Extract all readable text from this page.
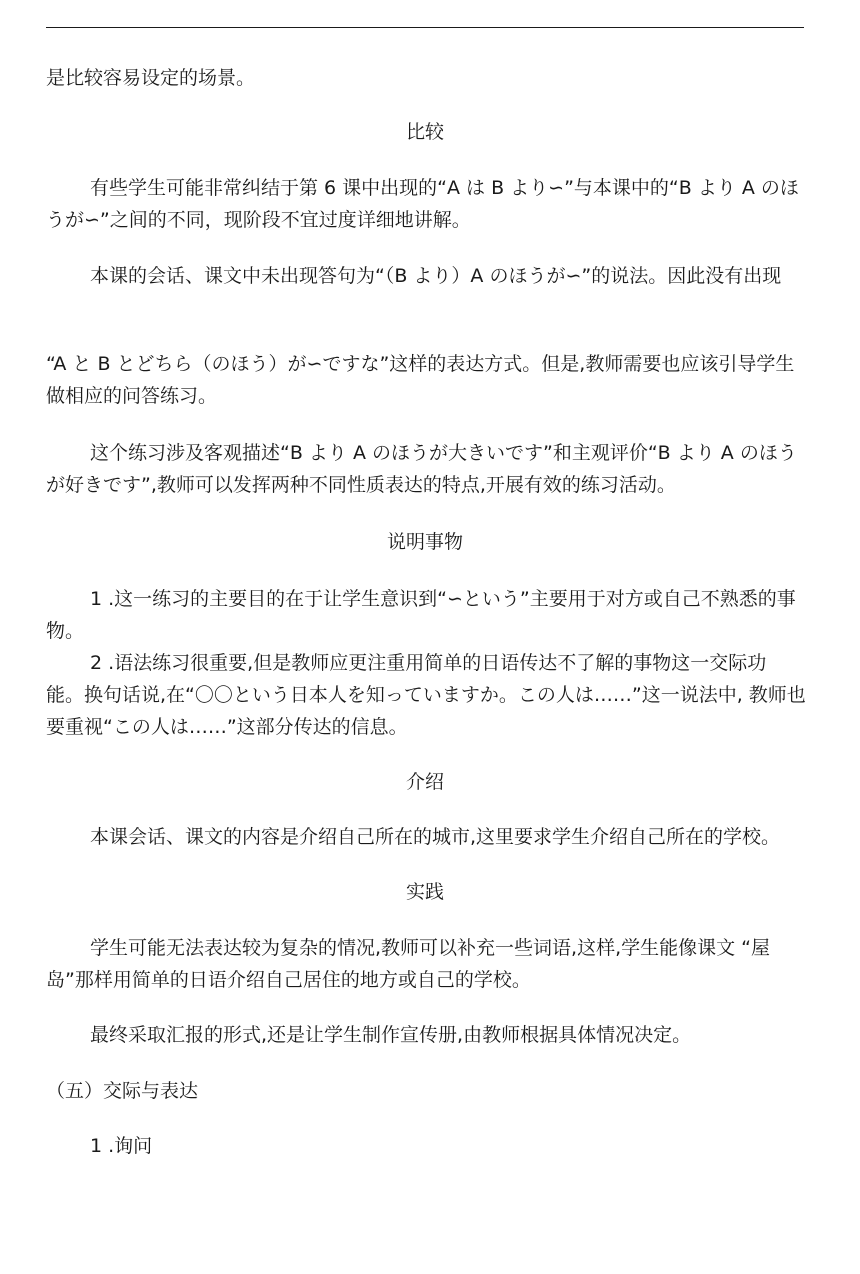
是比较容易设定的场景。
比较
有些学生可能非常纠结于第 6 课中出现的“A は B より∽”与本课中的“B より A のほうが∽”之间的不同，现阶段不宜过度详细地讲解。
本课的会话、课文中未出现答句为“（B より）A のほうが∽”的说法。因此没有出现
“A と B とどちら（のほう）が∽ですな”这样的表达方式。但是,教师需要也应该引导学生做相应的问答练习。
这个练习涉及客观描述“B より A のほうが大きいです”和主观评价“B より A のほうが好きです”,教师可以发挥两种不同性质表达的特点,开展有效的练习活动。
说明事物
1 .这一练习的主要目的在于让学生意识到“∽という”主要用于对方或自己不熟悉的事物。
2 .语法练习很重要,但是教师应更注重用简单的日语传达不了解的事物这一交际功 能。换句话说,在“〇〇という日本人を知っていますか。この人は……”这一说法中, 教师也要重视“この人は……”这部分传达的信息。
介绍
本课会话、课文的内容是介绍自己所在的城市,这里要求学生介绍自己所在的学校。
实践
学生可能无法表达较为复杂的情况,教师可以补充一些词语,这样,学生能像课文 “屋岛”那样用简单的日语介绍自己居住的地方或自己的学校。
最终采取汇报的形式,还是让学生制作宣传册,由教师根据具体情况决定。
（五）交际与表达
1 .询问
